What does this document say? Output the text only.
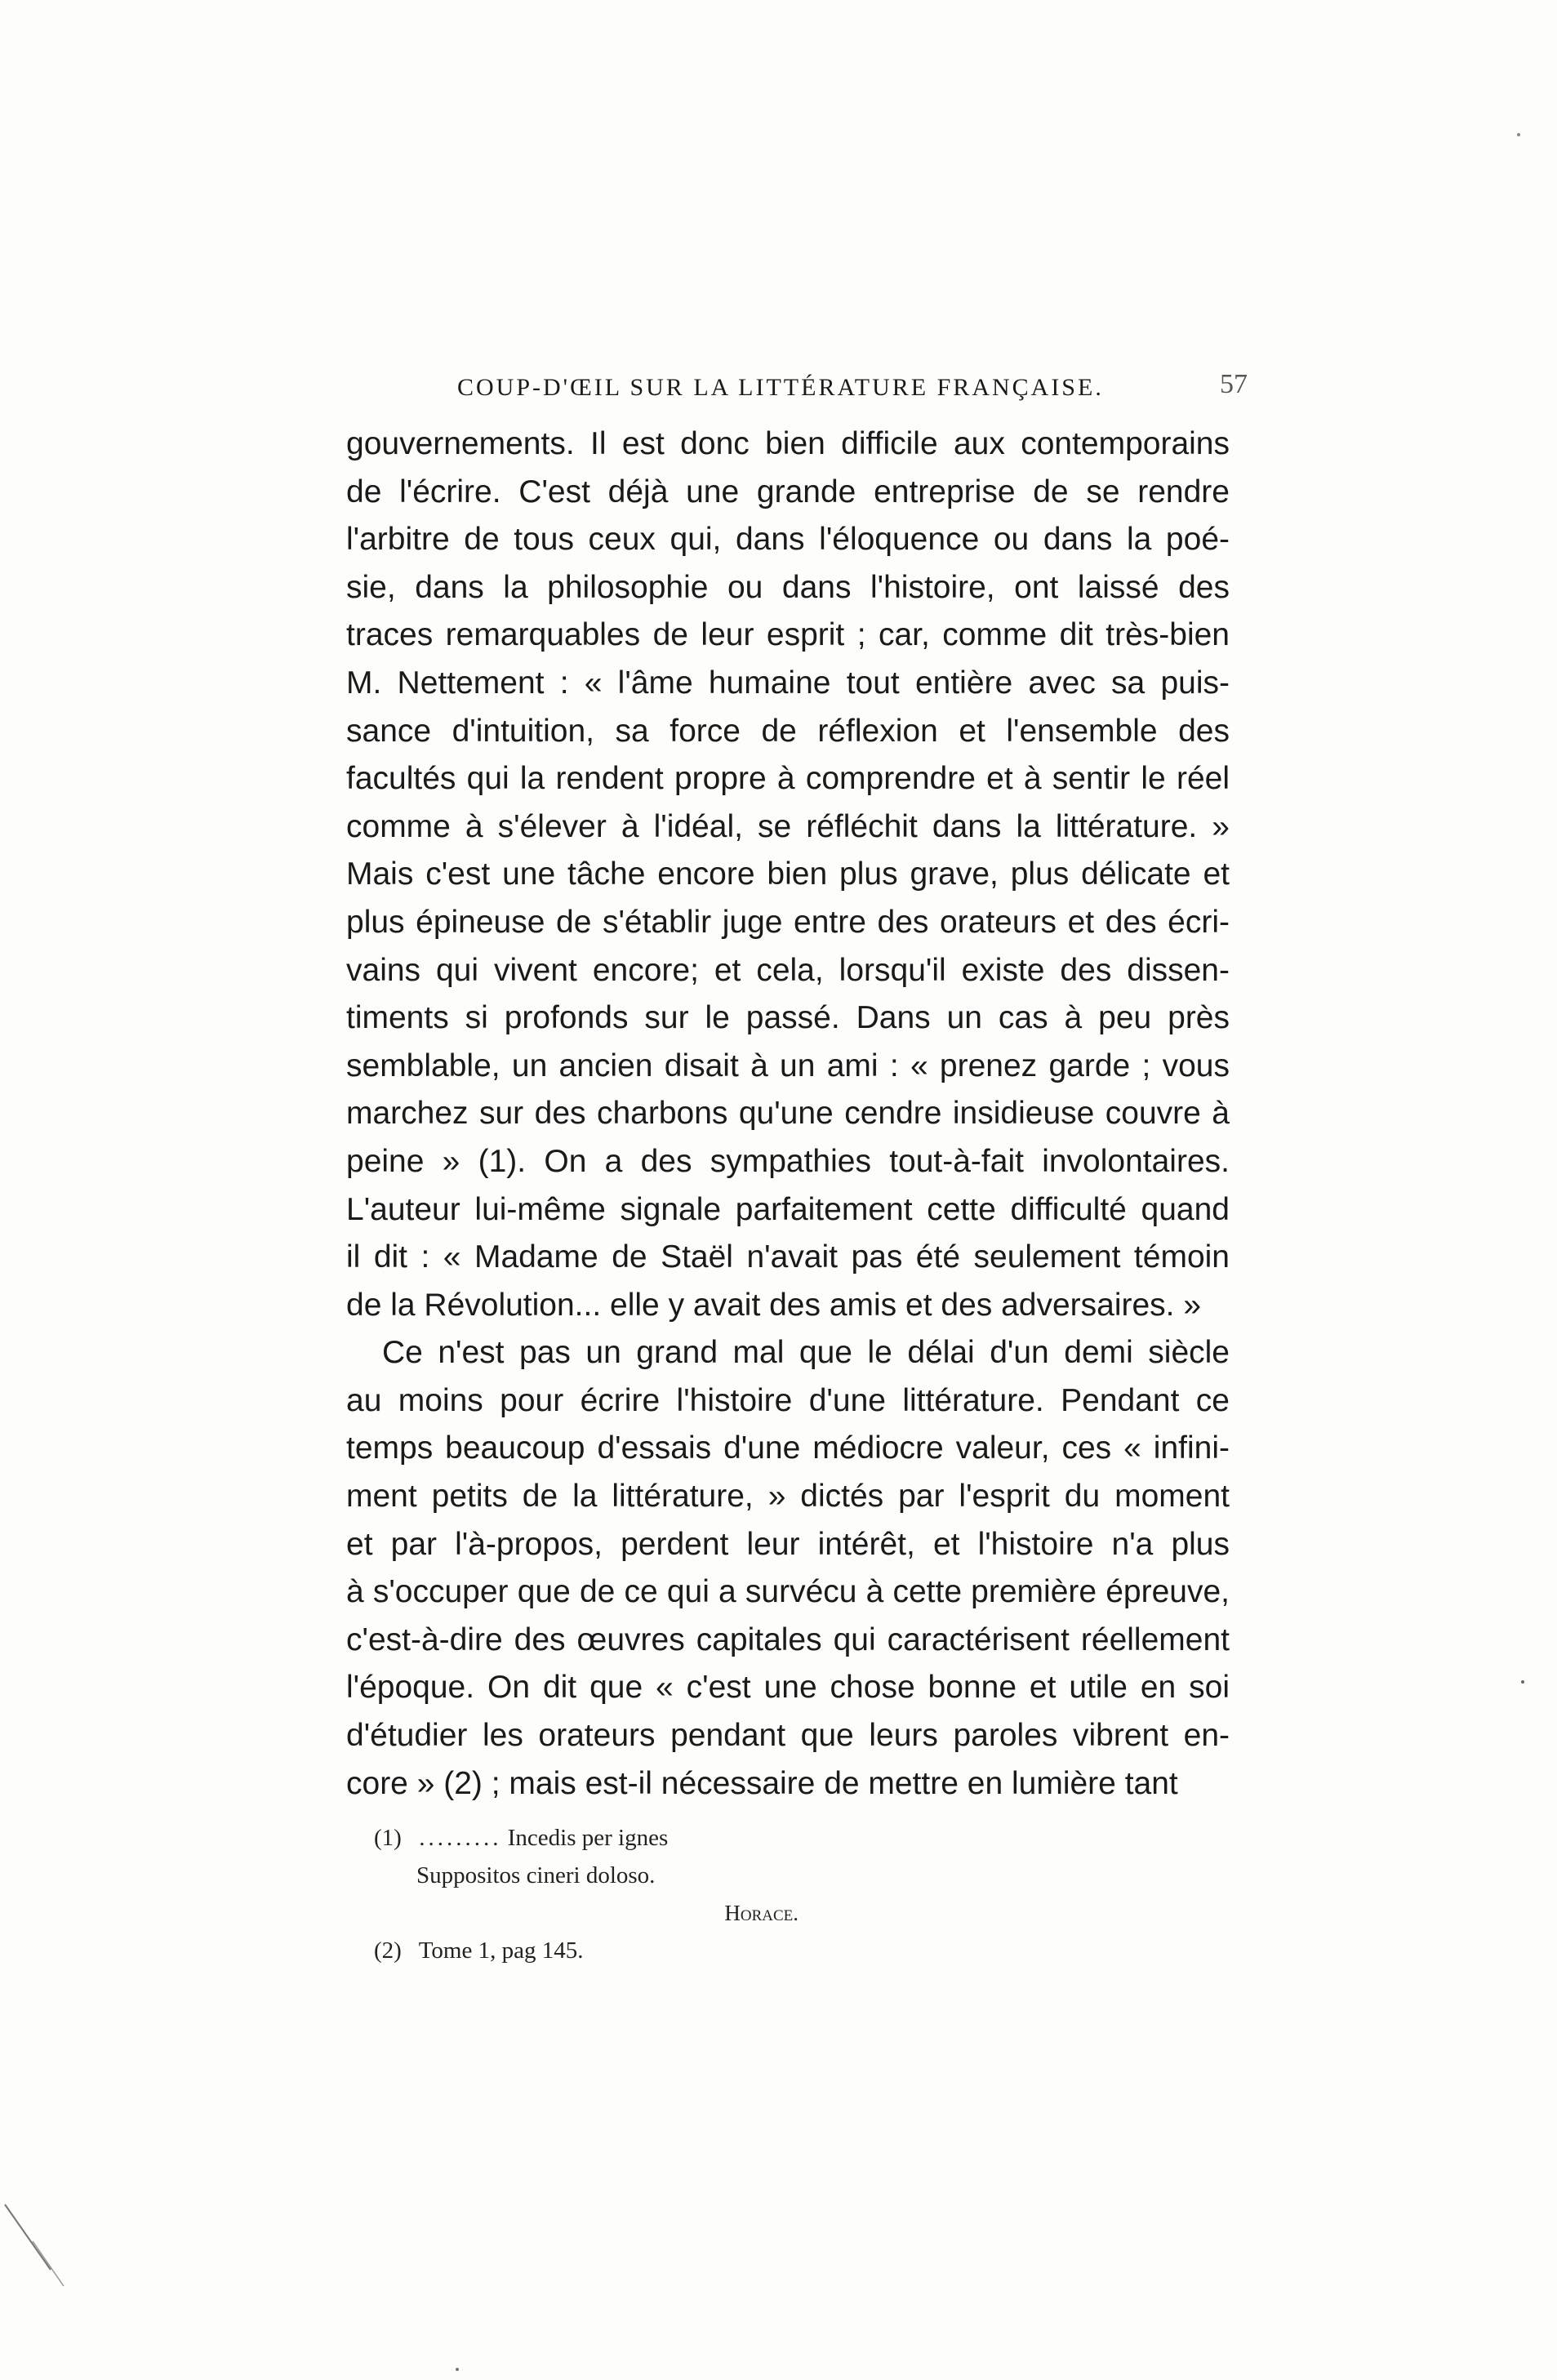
COUP-D'ŒIL SUR LA LITTÉRATURE FRANÇAISE.	57
gouvernements. Il est donc bien difficile aux contemporains
de l'écrire. C'est déjà une grande entreprise de se rendre
l'arbitre de tous ceux qui, dans l'éloquence ou dans la poé-
sie, dans la philosophie ou dans l'histoire, ont laissé des
traces remarquables de leur esprit ; car, comme dit très-bien
M. Nettement : « l'âme humaine tout entière avec sa puis-
sance d'intuition, sa force de réflexion et l'ensemble des
facultés qui la rendent propre à comprendre et à sentir le réel
comme à s'élever à l'idéal, se réfléchit dans la littérature. »
Mais c'est une tâche encore bien plus grave, plus délicate et
plus épineuse de s'établir juge entre des orateurs et des écri-
vains qui vivent encore; et cela, lorsqu'il existe des dissen-
timents si profonds sur le passé. Dans un cas à peu près
semblable, un ancien disait à un ami : « prenez garde ; vous
marchez sur des charbons qu'une cendre insidieuse couvre à
peine » (1). On a des sympathies tout-à-fait involontaires.
L'auteur lui-même signale parfaitement cette difficulté quand
il dit : « Madame de Staël n'avait pas été seulement témoin
de la Révolution... elle y avait des amis et des adversaires. »
Ce n'est pas un grand mal que le délai d'un demi siècle
au moins pour écrire l'histoire d'une littérature. Pendant ce
temps beaucoup d'essais d'une médiocre valeur, ces « infini-
ment petits de la littérature, » dictés par l'esprit du moment
et par l'à-propos, perdent leur intérêt, et l'histoire n'a plus
à s'occuper que de ce qui a survécu à cette première épreuve,
c'est-à-dire des œuvres capitales qui caractérisent réellement
l'époque. On dit que « c'est une chose bonne et utile en soi
d'étudier les orateurs pendant que leurs paroles vibrent en-
core » (2) ; mais est-il nécessaire de mettre en lumière tant
(1) ......... Incedis per ignes
Suppositos cineri doloso.
Horace.
(2) Tome 1, pag 145.
